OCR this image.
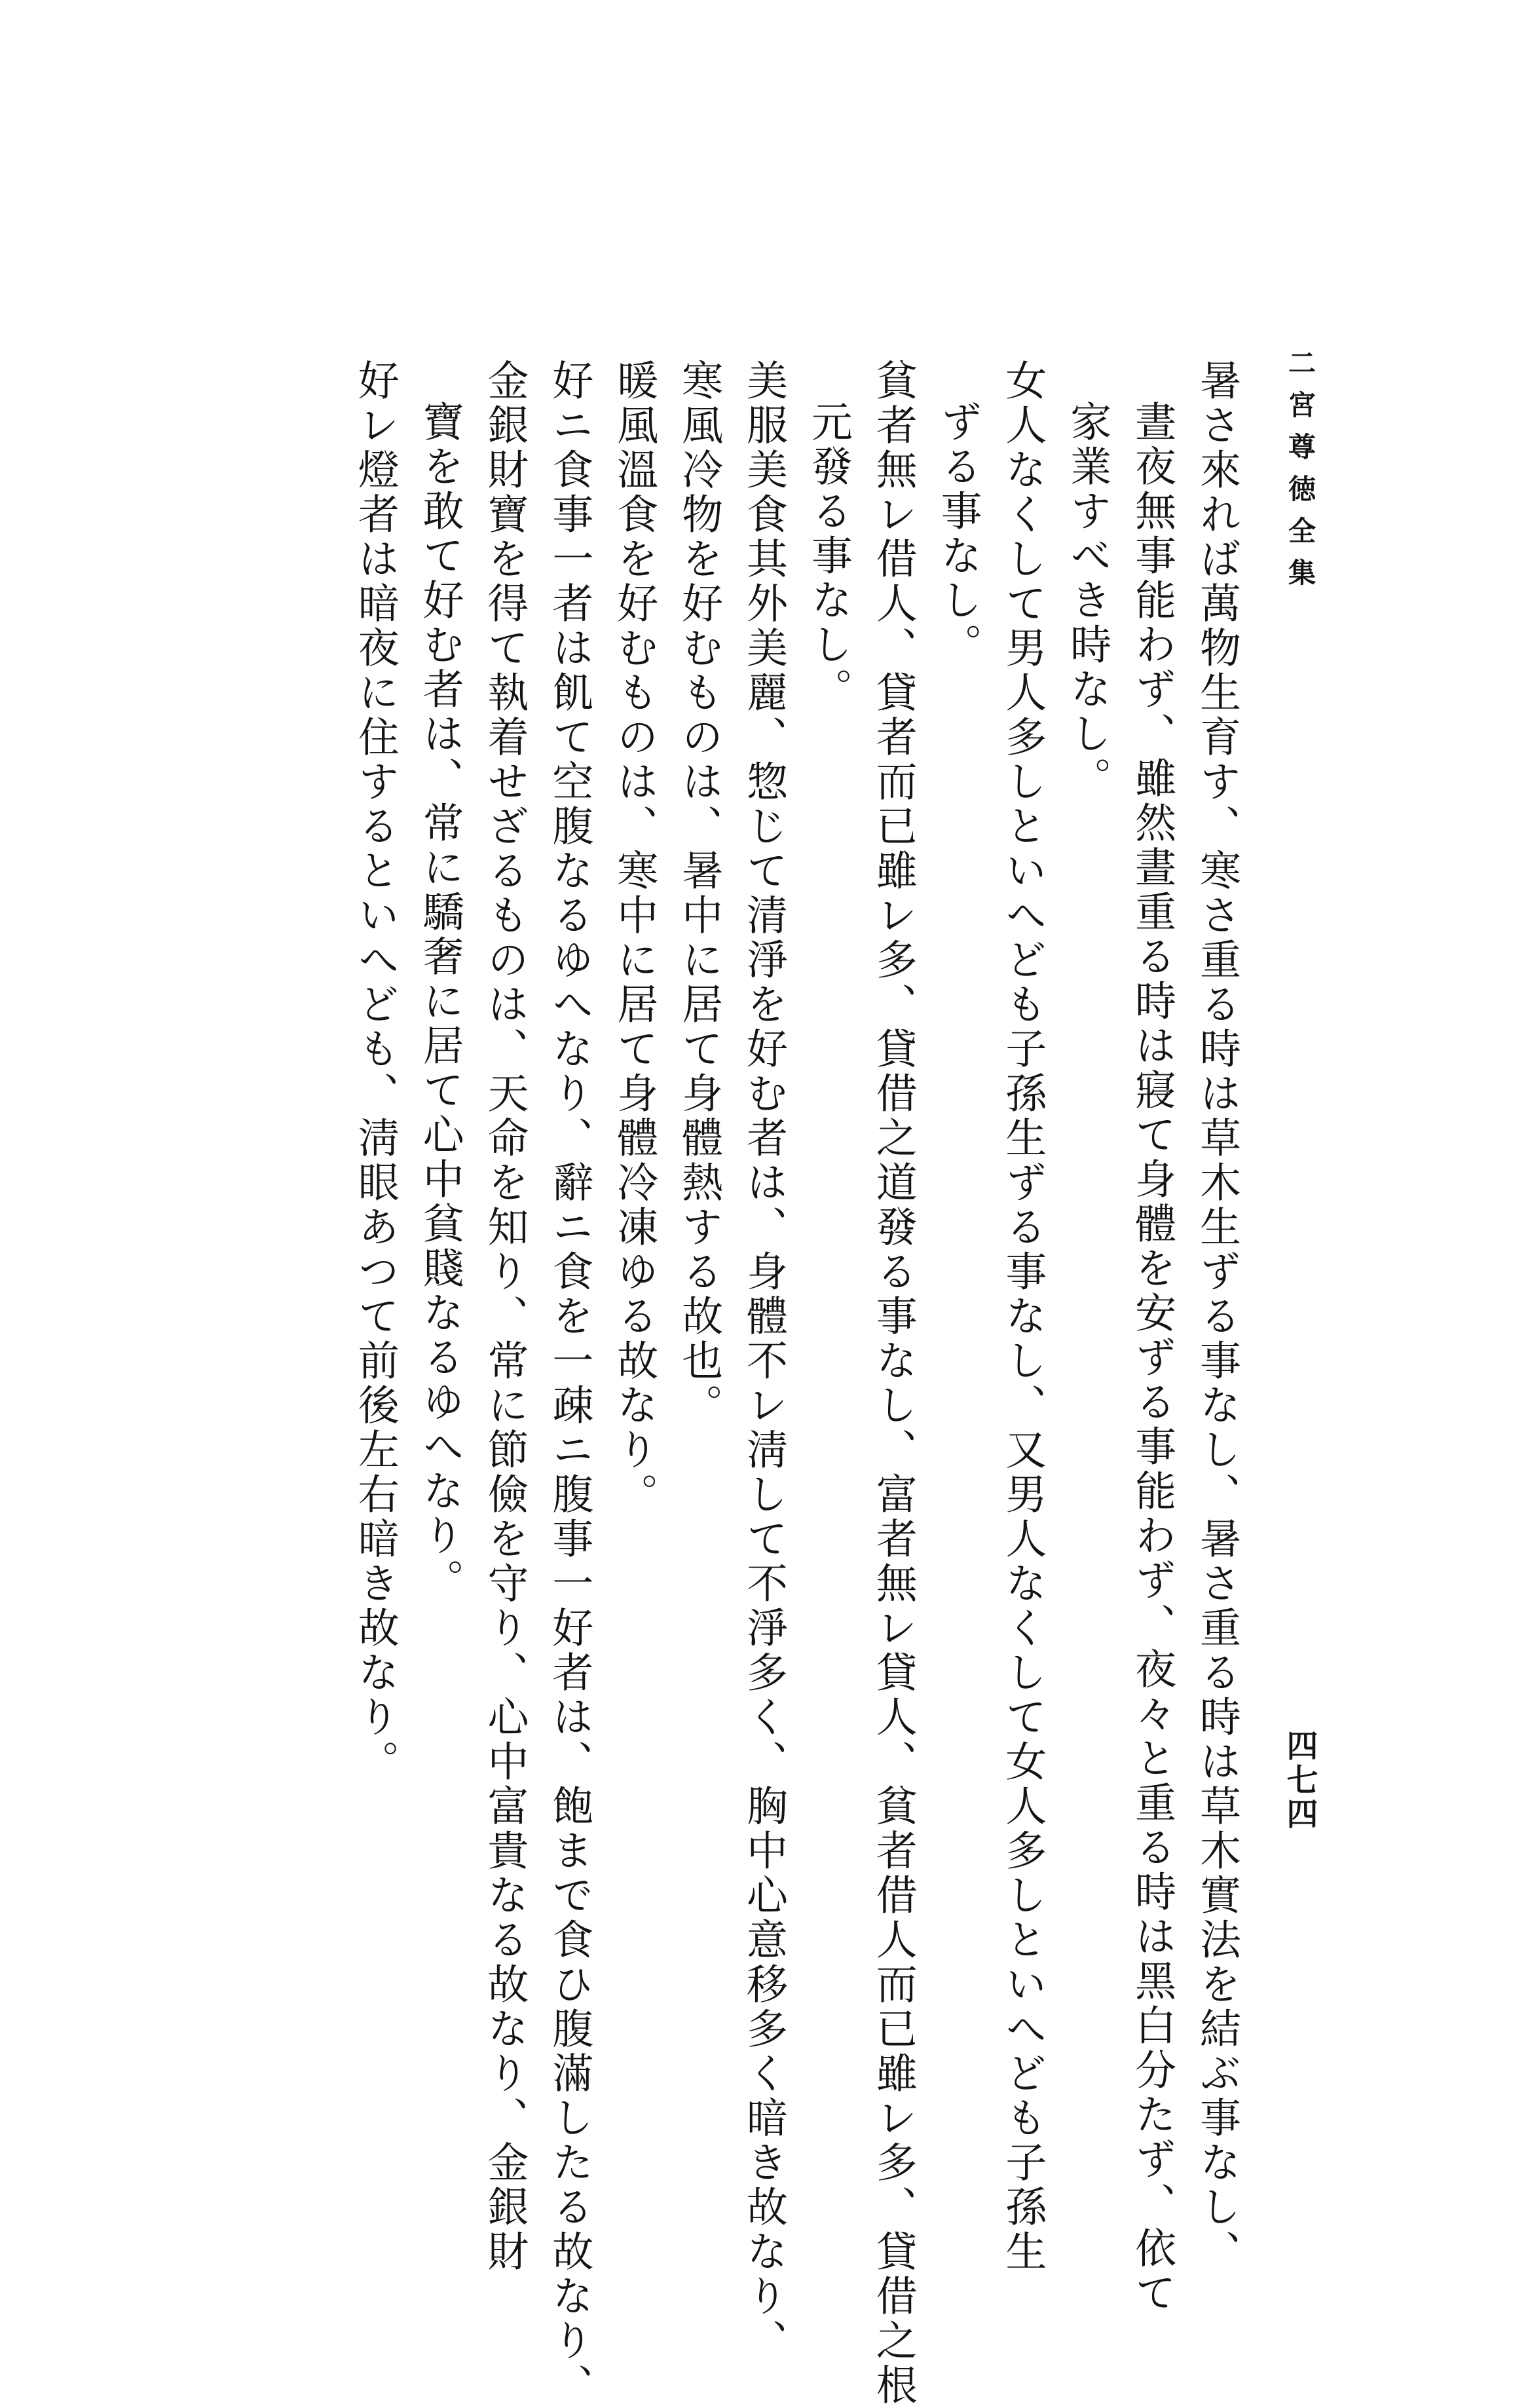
二宮尊徳全集
四七四
暑さ來れば萬物生育す、寒さ重る時は草木生ずる事なし、暑さ重る時は草木實法を結ぶ事なし、
晝夜無事能わず、雖然晝重る時は寢て身體を安ずる事能わず、夜々と重る時は黑白分たず、依て
家業すべき時なし。
女人なくして男人多しといへども子孫生ずる事なし、又男人なくして女人多しといへども子孫生
ずる事なし。
貧者無レ借人、貸者而已雖レ多、貸借之道發る事なし、富者無レ貸人、貧者借人而已雖レ多、貸借之根
元發る事なし。
美服美食其外美麗、惣じて清淨を好む者は、身體不レ淸して不淨多く、胸中心意移多く暗き故なり、
寒風冷物を好むものは、暑中に居て身體熱する故也。
暖風溫食を好むものは、寒中に居て身體冷凍ゆる故なり。
好ニ食事一者は飢て空腹なるゆへなり、辭ニ食を一疎ニ腹事一好者は、飽まで食ひ腹滿したる故なり、
金銀財寶を得て執着せざるものは、天命を知り、常に節儉を守り、心中富貴なる故なり、金銀財
寶を敢て好む者は、常に驕奢に居て心中貧賤なるゆへなり。
好レ燈者は暗夜に住するといへども、淸眼あつて前後左右暗き故なり。
